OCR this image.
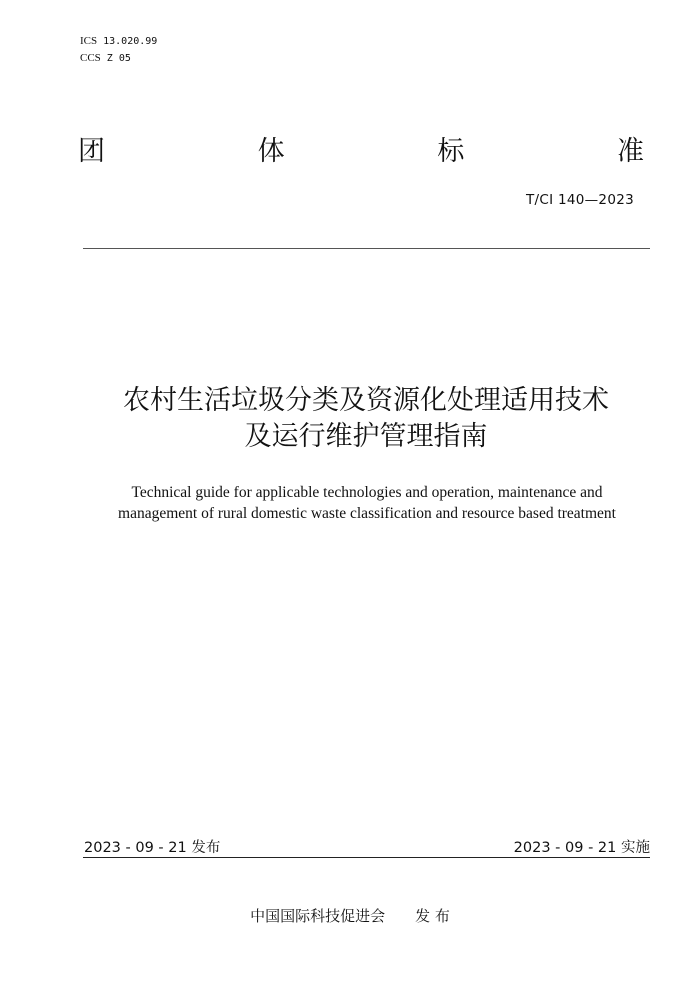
ICS 13.020.99
CCS Z 05
团	体	标	准
T/CI 140—2023
农村生活垃圾分类及资源化处理适用技术
及运行维护管理指南
Technical guide for applicable technologies and operation, maintenance and
management of rural domestic waste classification and resource based treatment
2023 - 09 - 21 发布	2023 - 09 - 21 实施
中国国际科技促进会 发 布
